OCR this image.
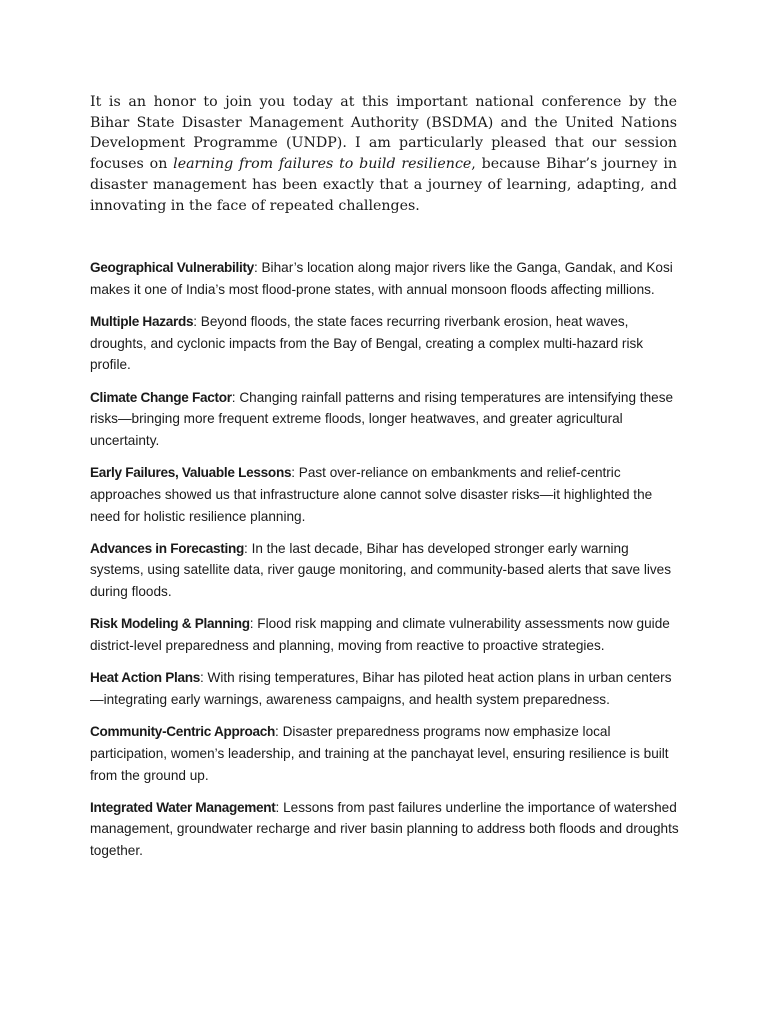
It is an honor to join you today at this important national conference by the Bihar State Disaster Management Authority (BSDMA) and the United Nations Development Programme (UNDP). I am particularly pleased that our session focuses on learning from failures to build resilience, because Bihar’s journey in disaster management has been exactly that a journey of learning, adapting, and innovating in the face of repeated challenges.

Geographical Vulnerability: Bihar’s location along major rivers like the Ganga, Gandak, and Kosi makes it one of India’s most flood-prone states, with annual monsoon floods affecting millions.

Multiple Hazards: Beyond floods, the state faces recurring riverbank erosion, heat waves, droughts, and cyclonic impacts from the Bay of Bengal, creating a complex multi-hazard risk profile.

Climate Change Factor: Changing rainfall patterns and rising temperatures are intensifying these risks—bringing more frequent extreme floods, longer heatwaves, and greater agricultural uncertainty.

Early Failures, Valuable Lessons: Past over-reliance on embankments and relief-centric approaches showed us that infrastructure alone cannot solve disaster risks—it highlighted the need for holistic resilience planning.

Advances in Forecasting: In the last decade, Bihar has developed stronger early warning systems, using satellite data, river gauge monitoring, and community-based alerts that save lives during floods.

Risk Modeling & Planning: Flood risk mapping and climate vulnerability assessments now guide district-level preparedness and planning, moving from reactive to proactive strategies.

Heat Action Plans: With rising temperatures, Bihar has piloted heat action plans in urban centers—integrating early warnings, awareness campaigns, and health system preparedness.

Community-Centric Approach: Disaster preparedness programs now emphasize local participation, women’s leadership, and training at the panchayat level, ensuring resilience is built from the ground up.

Integrated Water Management: Lessons from past failures underline the importance of watershed management, groundwater recharge and river basin planning to address both floods and droughts together.
